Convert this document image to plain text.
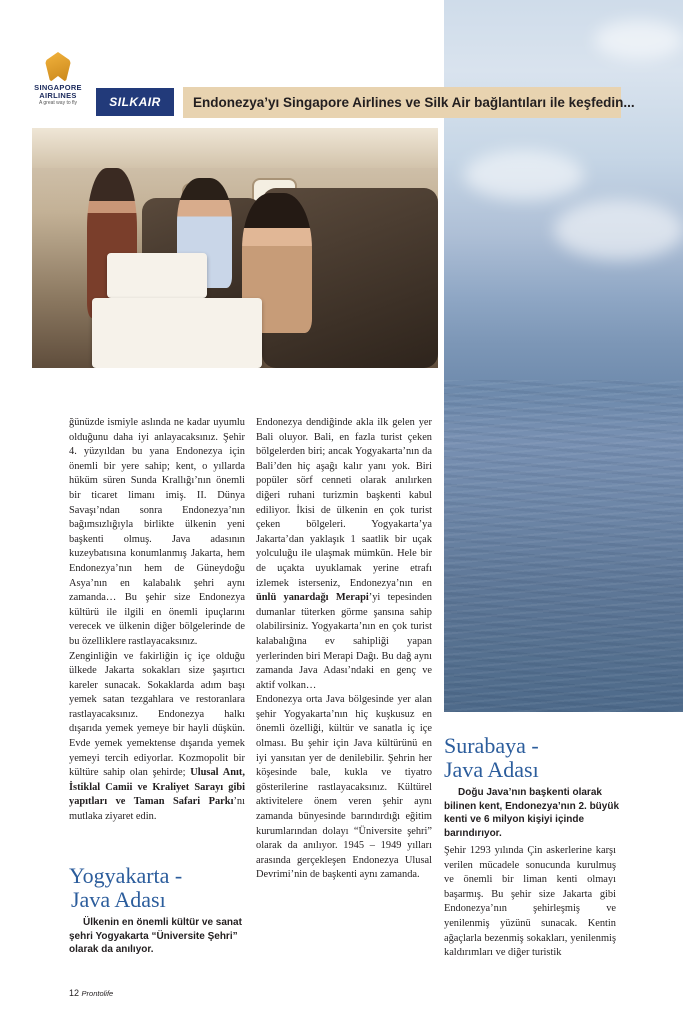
SINGAPORE AIRLINES
A great way to fly	SILKAIR	Endonezya’yı Singapore Airlines ve Silk Air bağlantıları ile keşfedin...

ğünüzde ismiyle aslında ne kadar uyumlu olduğunu daha iyi anlayacaksınız. Şehir 4. yüzyıldan bu yana Endonezya için önemli bir yere sahip; kent, o yıllarda hüküm süren Sunda Krallığı’nın önemli bir ticaret limanı imiş. II. Dünya Savaşı’ndan sonra Endonezya’nın bağımsızlığıyla birlikte ülkenin yeni başkenti olmuş. Java adasının kuzeybatısına konumlanmış Jakarta, hem Endonezya’nın hem de Güneydoğu Asya’nın en kalabalık şehri aynı zamanda… Bu şehir size Endonezya kültürü ile ilgili en önemli ipuçlarını verecek ve ülkenin diğer bölgelerinde de bu özelliklere rastlayacaksınız.

Zenginliğin ve fakirliğin iç içe olduğu ülkede Jakarta sokakları size şaşırtıcı kareler sunacak. Sokaklarda adım başı yemek satan tezgahlara ve restoranlara rastlayacaksınız. Endonezya halkı dışarıda yemek yemeye bir hayli düşkün. Evde yemek yemektense dışarıda yemek yemeyi tercih ediyorlar. Kozmopolit bir kültüre sahip olan şehirde; Ulusal Anıt, İstiklal Camii ve Kraliyet Sarayı gibi yapıtları ve Taman Safari Parkı’nı mutlaka ziyaret edin.

Yogyakarta -
Java Adası
Ülkenin en önemli kültür ve sanat şehri Yogyakarta “Üniversite Şehri” olarak da anılıyor.

Endonezya dendiğinde akla ilk gelen yer Bali oluyor. Bali, en fazla turist çeken bölgelerden biri; ancak Yogyakarta’nın da Bali’den hiç aşağı kalır yanı yok. Biri popüler sörf cenneti olarak anılırken diğeri ruhani turizmin başkenti kabul ediliyor. İkisi de ülkenin en çok turist çeken bölgeleri. Yogyakarta’ya Jakarta’dan yaklaşık 1 saatlik bir uçak yolculuğu ile ulaşmak mümkün. Hele bir de uçakta uyuklamak yerine etrafı izlemek isterseniz, Endonezya’nın en ünlü yanardağı Merapi’yi tepesinden dumanlar tüterken görme şansına sahip olabilirsiniz. Yogyakarta’nın en çok turist kalabalığına ev sahipliği yapan yerlerinden biri Merapi Dağı. Bu dağ aynı zamanda Java Adası’ndaki en genç ve aktif volkan…

Endonezya orta Java bölgesinde yer alan şehir Yogyakarta’nın hiç kuşkusuz en önemli özelliği, kültür ve sanatla iç içe olması. Bu şehir için Java kültürünü en iyi yansıtan yer de denilebilir. Şehrin her köşesinde bale, kukla ve tiyatro gösterilerine rastlayacaksınız. Kültürel aktivitelere önem veren şehir aynı zamanda bünyesinde barındırdığı eğitim kurumlarından dolayı “Üniversite şehri” olarak da anılıyor. 1945 – 1949 yılları arasında gerçekleşen Endonezya Ulusal Devrimi’nin de başkenti aynı zamanda.

Surabaya -
Java Adası
Doğu Java’nın başkenti olarak bilinen kent, Endonezya’nın 2. büyük kenti ve 6 milyon kişiyi içinde barındırıyor.

Şehir 1293 yılında Çin askerlerine karşı verilen mücadele sonucunda kurulmuş ve önemli bir liman kenti olmayı başarmış. Bu şehir size Jakarta gibi Endonezya’nın şehirleşmiş ve yenilenmiş yüzünü sunacak. Kentin ağaçlarla bezenmiş sokakları, yenilenmiş kaldırımları ve diğer turistik

12 Prontolife
